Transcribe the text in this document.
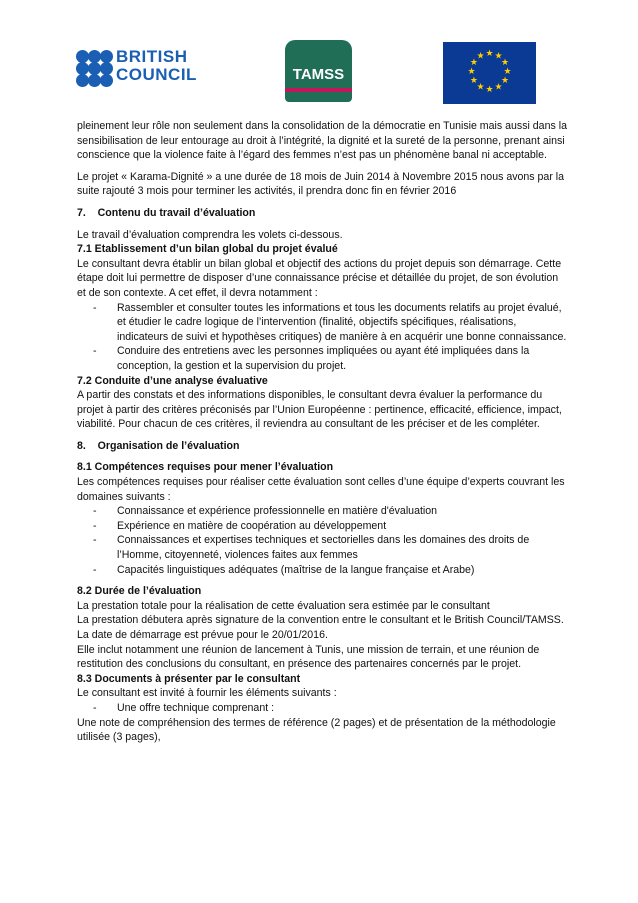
BRITISH
COUNCIL	TAMSS
★ ★
★
★
★
★
★
★
★
★
★
★

pleinement leur rôle non seulement dans la consolidation de la démocratie en Tunisie mais aussi dans la sensibilisation de leur entourage au droit à l’intégrité, la dignité et la sureté de la personne, prenant ainsi conscience que la violence faite à l’égard des femmes n’est pas un phénomène banal ni acceptable.

Le projet « Karama-Dignité » a une durée de 18 mois de Juin 2014 à Novembre 2015 nous avons par la suite rajouté 3 mois pour terminer les activités, il prendra donc fin en février 2016

7.    Contenu du travail d’évaluation

Le travail d’évaluation comprendra les volets ci-dessous.

7.1 Etablissement d’un bilan global du projet évalué

Le consultant devra établir un bilan global et objectif des actions du projet depuis son démarrage. Cette étape doit lui permettre de disposer d’une connaissance précise et détaillée du projet, de son évolution et de son contexte. A cet effet, il devra notamment :

- Rassembler et consulter toutes les informations et tous les documents relatifs au projet évalué, et étudier le cadre logique de l’intervention (finalité, objectifs spécifiques, réalisations, indicateurs de suivi et hypothèses critiques) de manière à en acquérir une bonne connaissance.
- Conduire des entretiens avec les personnes impliquées ou ayant été impliquées dans la conception, la gestion et la supervision du projet.

7.2 Conduite d’une analyse évaluative

A partir des constats et des informations disponibles, le consultant devra évaluer la performance du projet à partir des critères préconisés par l’Union Européenne : pertinence, efficacité, efficience, impact, viabilité. Pour chacun de ces critères, il reviendra au consultant de les préciser et de les compléter.

8.    Organisation de l’évaluation

8.1 Compétences requises pour mener l’évaluation

Les compétences requises pour réaliser cette évaluation sont celles d’une équipe d’experts couvrant les domaines suivants :

- Connaissance et expérience professionnelle en matière d'évaluation
- Expérience en matière de coopération au développement
- Connaissances et expertises techniques et sectorielles dans les domaines des droits de l’Homme, citoyenneté, violences faites aux femmes
- Capacités linguistiques adéquates (maîtrise de la langue française et Arabe)

8.2 Durée de l’évaluation

La prestation totale pour la réalisation de cette évaluation sera estimée par le consultant

La prestation débutera après signature de la convention entre le consultant et le British Council/TAMSS. La date de démarrage est prévue pour le 20/01/2016.

Elle inclut notamment une réunion de lancement à Tunis, une mission de terrain, et une réunion de restitution des conclusions du consultant, en présence des partenaires concernés par le projet.

8.3 Documents à présenter par le consultant

Le consultant est invité à fournir les éléments suivants :

- Une offre technique comprenant :

Une note de compréhension des termes de référence (2 pages) et de présentation de la méthodologie utilisée (3 pages),
